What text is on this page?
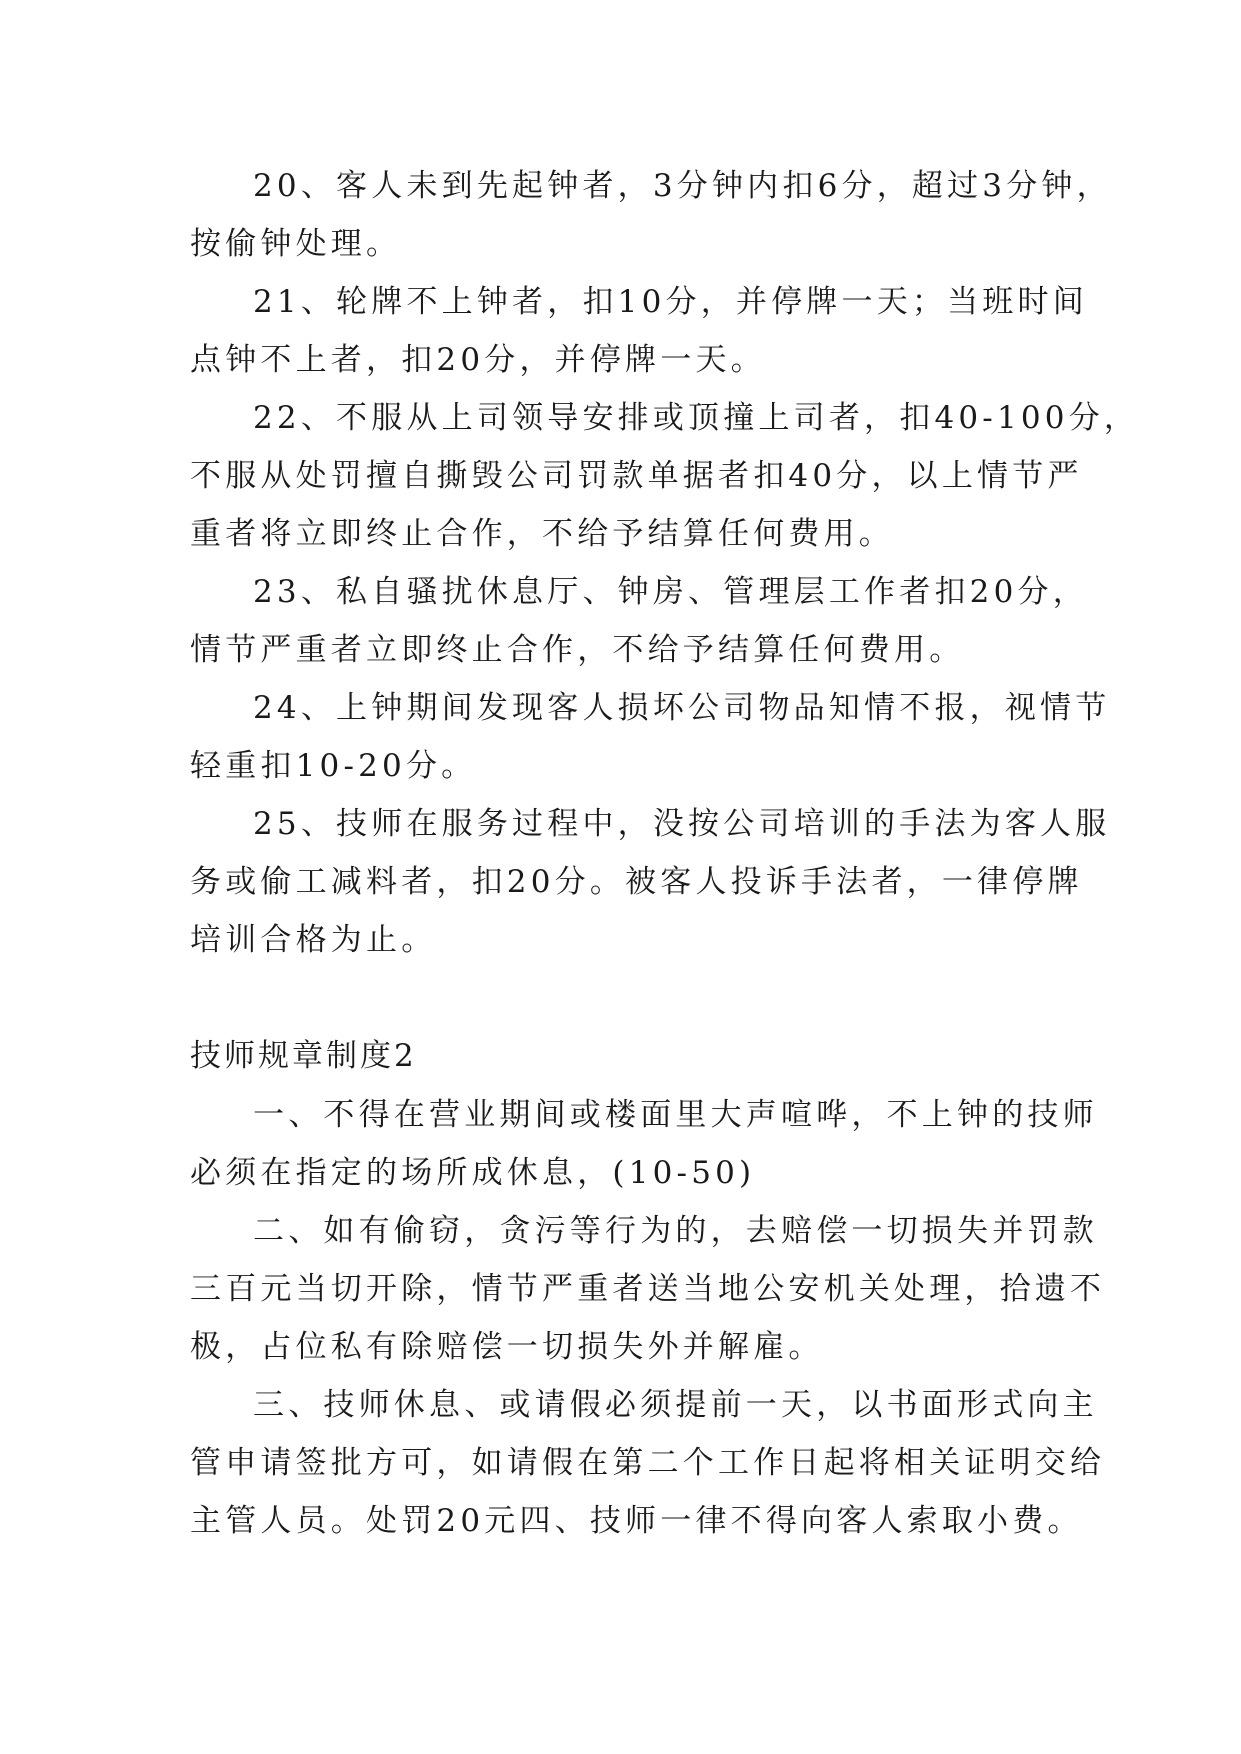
20、客人未到先起钟者，3分钟内扣6分，超过3分钟，
按偷钟处理。
21、轮牌不上钟者，扣10分，并停牌一天；当班时间
点钟不上者，扣20分，并停牌一天。
22、不服从上司领导安排或顶撞上司者，扣40-100分，
不服从处罚擅自撕毁公司罚款单据者扣40分，以上情节严
重者将立即终止合作，不给予结算任何费用。
23、私自骚扰休息厅、钟房、管理层工作者扣20分，
情节严重者立即终止合作，不给予结算任何费用。
24、上钟期间发现客人损坏公司物品知情不报，视情节
轻重扣10-20分。
25、技师在服务过程中，没按公司培训的手法为客人服
务或偷工减料者，扣20分。被客人投诉手法者，一律停牌
培训合格为止。
技师规章制度2
一、不得在营业期间或楼面里大声喧哗，不上钟的技师
必须在指定的场所成休息，(10-50)
二、如有偷窃，贪污等行为的，去赔偿一切损失并罚款
三百元当切开除，情节严重者送当地公安机关处理，拾遗不
极，占位私有除赔偿一切损失外并解雇。
三、技师休息、或请假必须提前一天，以书面形式向主
管申请签批方可，如请假在第二个工作日起将相关证明交给
主管人员。处罚20元四、技师一律不得向客人索取小费。
